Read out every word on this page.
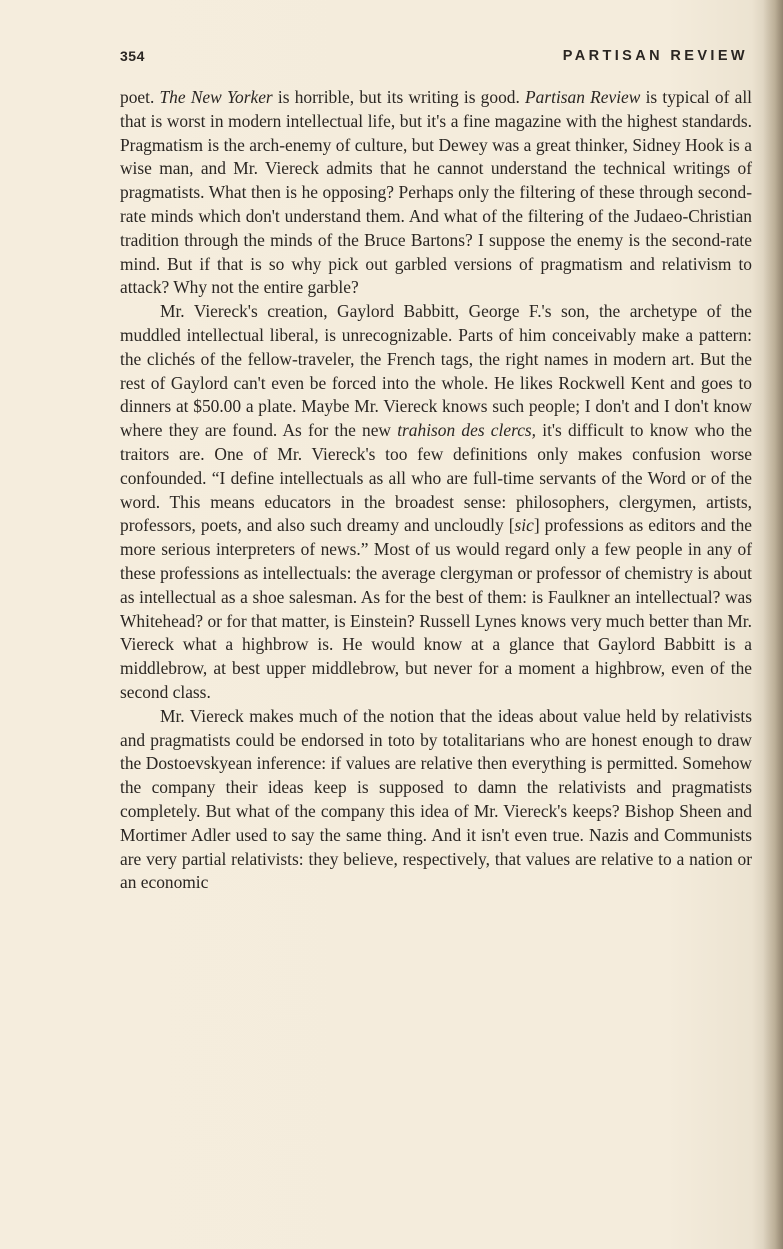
354	PARTISAN REVIEW

poet. The New Yorker is horrible, but its writing is good. Partisan Review is typical of all that is worst in modern intellectual life, but it's a fine magazine with the highest standards. Pragmatism is the arch-enemy of culture, but Dewey was a great thinker, Sidney Hook is a wise man, and Mr. Viereck admits that he cannot understand the technical writings of pragmatists. What then is he opposing? Perhaps only the filtering of these through second-rate minds which don't understand them. And what of the filtering of the Judaeo-Christian tradition through the minds of the Bruce Bartons? I suppose the enemy is the second-rate mind. But if that is so why pick out garbled versions of pragmatism and relativism to attack? Why not the entire garble?

Mr. Viereck's creation, Gaylord Babbitt, George F.'s son, the archetype of the muddled intellectual liberal, is unrecognizable. Parts of him conceivably make a pattern: the clichés of the fellow-traveler, the French tags, the right names in modern art. But the rest of Gaylord can't even be forced into the whole. He likes Rockwell Kent and goes to dinners at $50.00 a plate. Maybe Mr. Viereck knows such people; I don't and I don't know where they are found. As for the new trahison des clercs, it's difficult to know who the traitors are. One of Mr. Viereck's too few definitions only makes confusion worse confounded. “I define intellectuals as all who are full-time servants of the Word or of the word. This means educators in the broadest sense: philosophers, clergymen, artists, professors, poets, and also such dreamy and uncloudly [sic] professions as editors and the more serious interpreters of news.” Most of us would regard only a few people in any of these professions as intellectuals: the average clergyman or professor of chemistry is about as intellectual as a shoe salesman. As for the best of them: is Faulkner an intellectual? was Whitehead? or for that matter, is Einstein? Russell Lynes knows very much better than Mr. Viereck what a highbrow is. He would know at a glance that Gaylord Babbitt is a middlebrow, at best upper middlebrow, but never for a moment a highbrow, even of the second class.

Mr. Viereck makes much of the notion that the ideas about value held by relativists and pragmatists could be endorsed in toto by totalitarians who are honest enough to draw the Dostoevskyean inference: if values are relative then everything is permitted. Somehow the company their ideas keep is supposed to damn the relativists and pragmatists completely. But what of the company this idea of Mr. Viereck's keeps? Bishop Sheen and Mortimer Adler used to say the same thing. And it isn't even true. Nazis and Communists are very partial relativists: they believe, respectively, that values are relative to a nation or an economic
